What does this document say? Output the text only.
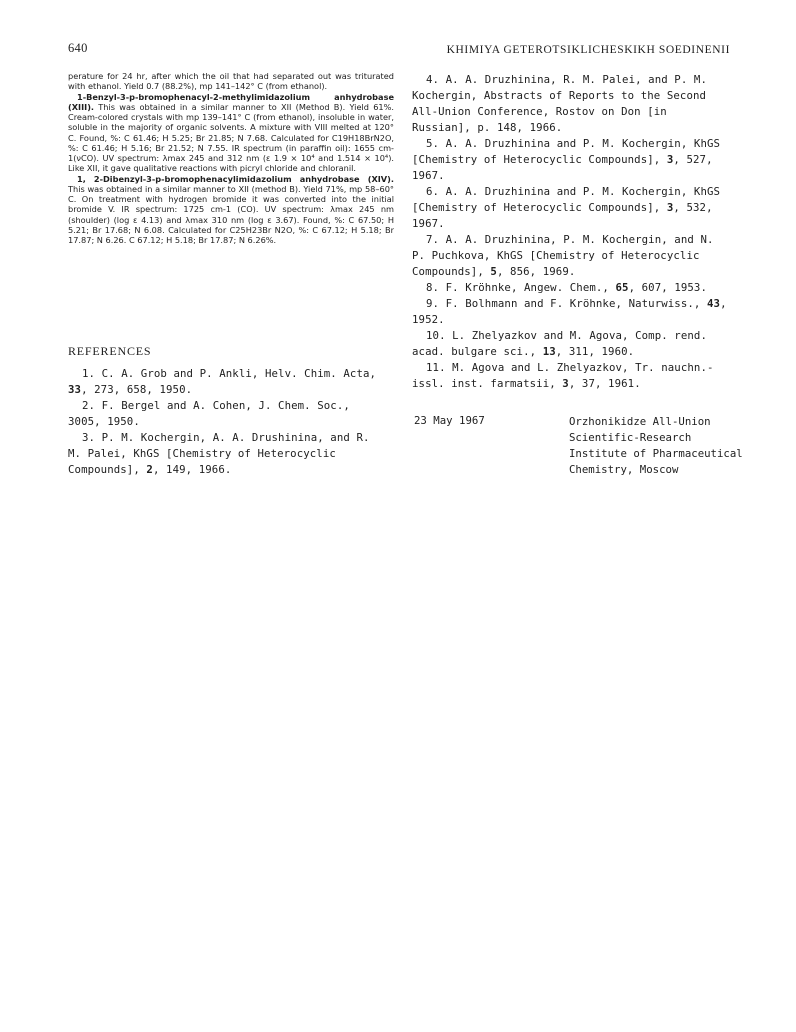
640	KHIMIYA GETEROTSIKLICHESKIKH SOEDINENII

perature for 24 hr, after which the oil that had separated out was triturated with ethanol. Yield 0.7 (88.2%), mp 141–142° C (from ethanol).

1-Benzyl-3-p-bromophenacyl-2-methylimidazolium anhydrobase (XIII). This was obtained in a similar manner to XII (Method B). Yield 61%. Cream-colored crystals with mp 139–141° C (from ethanol), insoluble in water, soluble in the majority of organic solvents. A mixture with VIII melted at 120° C. Found, %: C 61.46; H 5.25; Br 21.85; N 7.68. Calculated for C19H18BrN2O, %: C 61.46; H 5.16; Br 21.52; N 7.55. IR spectrum (in paraffin oil): 1655 cm-1(νCO). UV spectrum: λmax 245 and 312 nm (ε 1.9 × 10⁴ and 1.514 × 10⁴). Like XII, it gave qualitative reactions with picryl chloride and chloranil.

1, 2-Dibenzyl-3-p-bromophenacylimidazolium anhydrobase (XIV). This was obtained in a similar manner to XII (method B). Yield 71%, mp 58–60° C. On treatment with hydrogen bromide it was converted into the initial bromide V. IR spectrum: 1725 cm-1 (CO). UV spectrum: λmax 245 nm (shoulder) (log ε 4.13) and λmax 310 nm (log ε 3.67). Found, %: C 67.50; H 5.21; Br 17.68; N 6.08. Calculated for C25H23Br N2O, %: C 67.12; H 5.18; Br 17.87; N 6.26. C 67.12; H 5.18; Br 17.87; N 6.26%.

REFERENCES

1. C. A. Grob and P. Ankli, Helv. Chim. Acta, 33, 273, 658, 1950.

2. F. Bergel and A. Cohen, J. Chem. Soc., 3005, 1950.

3. P. M. Kochergin, A. A. Drushinina, and R. M. Palei, KhGS [Chemistry of Heterocyclic Compounds], 2, 149, 1966.

4. A. A. Druzhinina, R. M. Palei, and P. M. Kochergin, Abstracts of Reports to the Second All-Union Conference, Rostov on Don [in Russian], p. 148, 1966.

5. A. A. Druzhinina and P. M. Kochergin, KhGS [Chemistry of Heterocyclic Compounds], 3, 527, 1967.

6. A. A. Druzhinina and P. M. Kochergin, KhGS [Chemistry of Heterocyclic Compounds], 3, 532, 1967.

7. A. A. Druzhinina, P. M. Kochergin, and N. P. Puchkova, KhGS [Chemistry of Heterocyclic Compounds], 5, 856, 1969.

8. F. Kröhnke, Angew. Chem., 65, 607, 1953.

9. F. Bolhmann and F. Kröhnke, Naturwiss., 43, 1952.

10. L. Zhelyazkov and M. Agova, Comp. rend. acad. bulgare sci., 13, 311, 1960.

11. M. Agova and L. Zhelyazkov, Tr. nauchn.-issl. inst. farmatsii, 3, 37, 1961.

23 May 1967	Orzhonikidze All-Union
Scientific-Research
Institute of Pharmaceutical
Chemistry, Moscow
